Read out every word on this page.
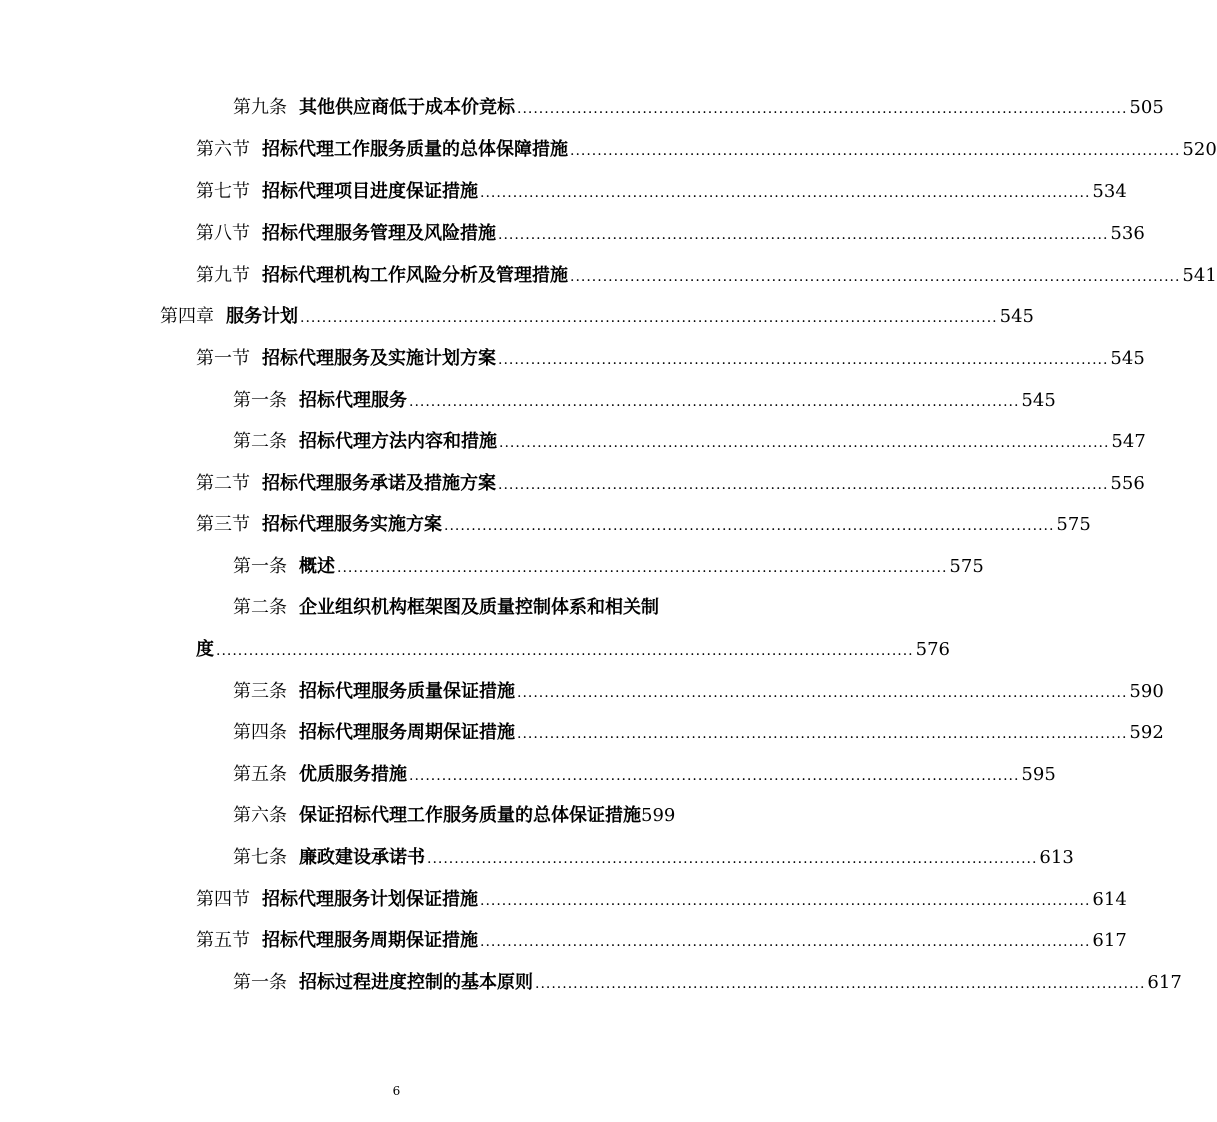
第九条 其他供应商低于成本价竞标 ................................................................................................................ 505
第六节 招标代理工作服务质量的总体保障措施 ................................................................................................................ 520
第七节 招标代理项目进度保证措施 ................................................................................................................ 534
第八节 招标代理服务管理及风险措施 ................................................................................................................ 536
第九节 招标代理机构工作风险分析及管理措施 ................................................................................................................ 541
第四章 服务计划 ................................................................................................................................ 545
第一节 招标代理服务及实施计划方案 ................................................................................................................ 545
第一条 招标代理服务 ................................................................................................................ 545
第二条 招标代理方法内容和措施 ................................................................................................................ 547
第二节 招标代理服务承诺及措施方案 ................................................................................................................ 556
第三节 招标代理服务实施方案 ................................................................................................................ 575
第一条 概述 ................................................................................................................ 575
第二条 企业组织机构框架图及质量控制体系和相关制
度 ................................................................................................................................ 576
第三条 招标代理服务质量保证措施 ................................................................................................................ 590
第四条 招标代理服务周期保证措施 ................................................................................................................ 592
第五条 优质服务措施 ................................................................................................................ 595
第六条 保证招标代理工作服务质量的总体保证措施 599
第七条 廉政建设承诺书 ................................................................................................................ 613
第四节 招标代理服务计划保证措施 ................................................................................................................ 614
第五节 招标代理服务周期保证措施 ................................................................................................................ 617
第一条 招标过程进度控制的基本原则 ................................................................................................................ 617
6
